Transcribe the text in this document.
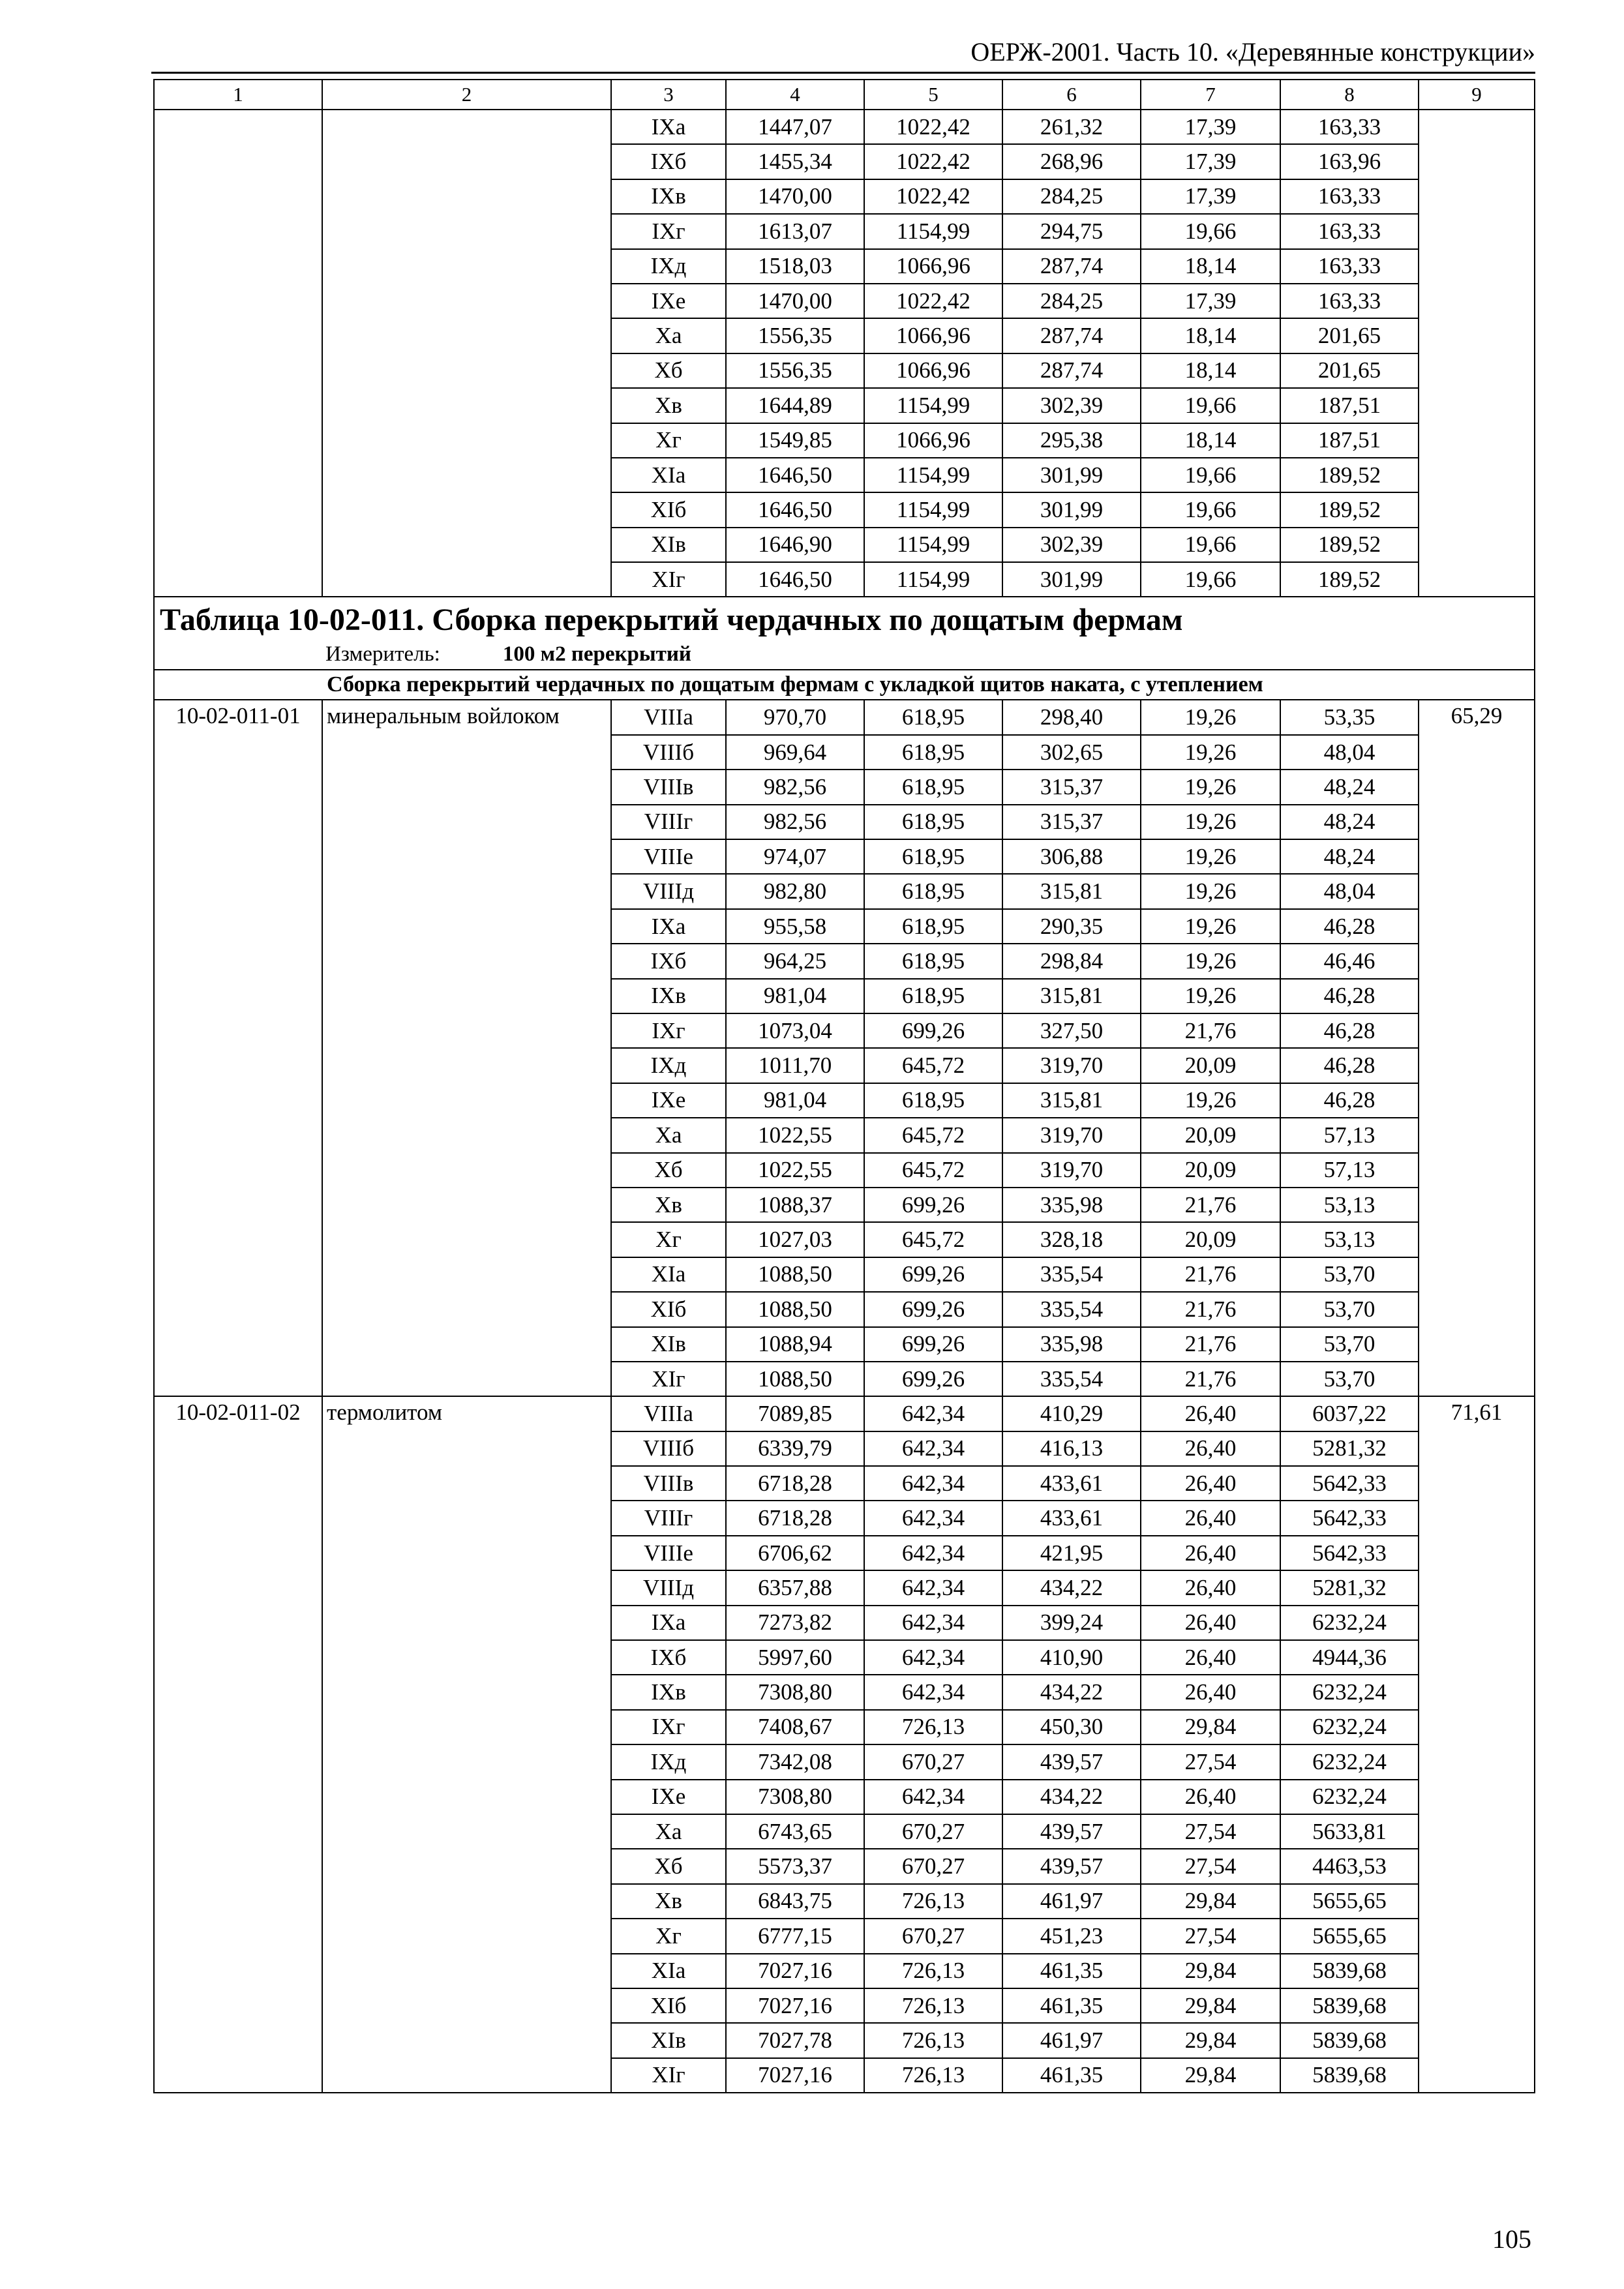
ОЕРЖ-2001. Часть 10. «Деревянные конструкции»
1	2	3	4	5	6	7	8	9
		IXа	1447,07	1022,42	261,32	17,39	163,33	
		IXб	1455,34	1022,42	268,96	17,39	163,96	
		IXв	1470,00	1022,42	284,25	17,39	163,33	
		IXг	1613,07	1154,99	294,75	19,66	163,33	
		IXд	1518,03	1066,96	287,74	18,14	163,33	
		IXе	1470,00	1022,42	284,25	17,39	163,33	
		Xа	1556,35	1066,96	287,74	18,14	201,65	
		Xб	1556,35	1066,96	287,74	18,14	201,65	
		Xв	1644,89	1154,99	302,39	19,66	187,51	
		Xг	1549,85	1066,96	295,38	18,14	187,51	
		XIа	1646,50	1154,99	301,99	19,66	189,52	
		XIб	1646,50	1154,99	301,99	19,66	189,52	
		XIв	1646,90	1154,99	302,39	19,66	189,52	
		XIг	1646,50	1154,99	301,99	19,66	189,52	

Таблица 10-02-011. Сборка перекрытий чердачных по дощатым фермам
Измеритель: 100 м2 перекрытий								

Сборка перекрытий чердачных по дощатым фермам с укладкой щитов наката, с утеплением								
10-02-011-01	минеральным войлоком	VIIIа	970,70	618,95	298,40	19,26	53,35	65,29
		VIIIб	969,64	618,95	302,65	19,26	48,04	
		VIIIв	982,56	618,95	315,37	19,26	48,24	
		VIIIг	982,56	618,95	315,37	19,26	48,24	
		VIIIе	974,07	618,95	306,88	19,26	48,24	
		VIIIд	982,80	618,95	315,81	19,26	48,04	
		IXа	955,58	618,95	290,35	19,26	46,28	
		IXб	964,25	618,95	298,84	19,26	46,46	
		IXв	981,04	618,95	315,81	19,26	46,28	
		IXг	1073,04	699,26	327,50	21,76	46,28	
		IXд	1011,70	645,72	319,70	20,09	46,28	
		IXе	981,04	618,95	315,81	19,26	46,28	
		Xа	1022,55	645,72	319,70	20,09	57,13	
		Xб	1022,55	645,72	319,70	20,09	57,13	
		Xв	1088,37	699,26	335,98	21,76	53,13	
		Xг	1027,03	645,72	328,18	20,09	53,13	
		XIа	1088,50	699,26	335,54	21,76	53,70	
		XIб	1088,50	699,26	335,54	21,76	53,70	
		XIв	1088,94	699,26	335,98	21,76	53,70	
		XIг	1088,50	699,26	335,54	21,76	53,70	
10-02-011-02	термолитом	VIIIа	7089,85	642,34	410,29	26,40	6037,22	71,61
		VIIIб	6339,79	642,34	416,13	26,40	5281,32	
		VIIIв	6718,28	642,34	433,61	26,40	5642,33	
		VIIIг	6718,28	642,34	433,61	26,40	5642,33	
		VIIIе	6706,62	642,34	421,95	26,40	5642,33	
		VIIIд	6357,88	642,34	434,22	26,40	5281,32	
		IXа	7273,82	642,34	399,24	26,40	6232,24	
		IXб	5997,60	642,34	410,90	26,40	4944,36	
		IXв	7308,80	642,34	434,22	26,40	6232,24	
		IXг	7408,67	726,13	450,30	29,84	6232,24	
		IXд	7342,08	670,27	439,57	27,54	6232,24	
		IXе	7308,80	642,34	434,22	26,40	6232,24	
		Xа	6743,65	670,27	439,57	27,54	5633,81	
		Xб	5573,37	670,27	439,57	27,54	4463,53	
		Xв	6843,75	726,13	461,97	29,84	5655,65	
		Xг	6777,15	670,27	451,23	27,54	5655,65	
		XIа	7027,16	726,13	461,35	29,84	5839,68	
		XIб	7027,16	726,13	461,35	29,84	5839,68	
		XIв	7027,78	726,13	461,97	29,84	5839,68	
		XIг	7027,16	726,13	461,35	29,84	5839,68	
105
